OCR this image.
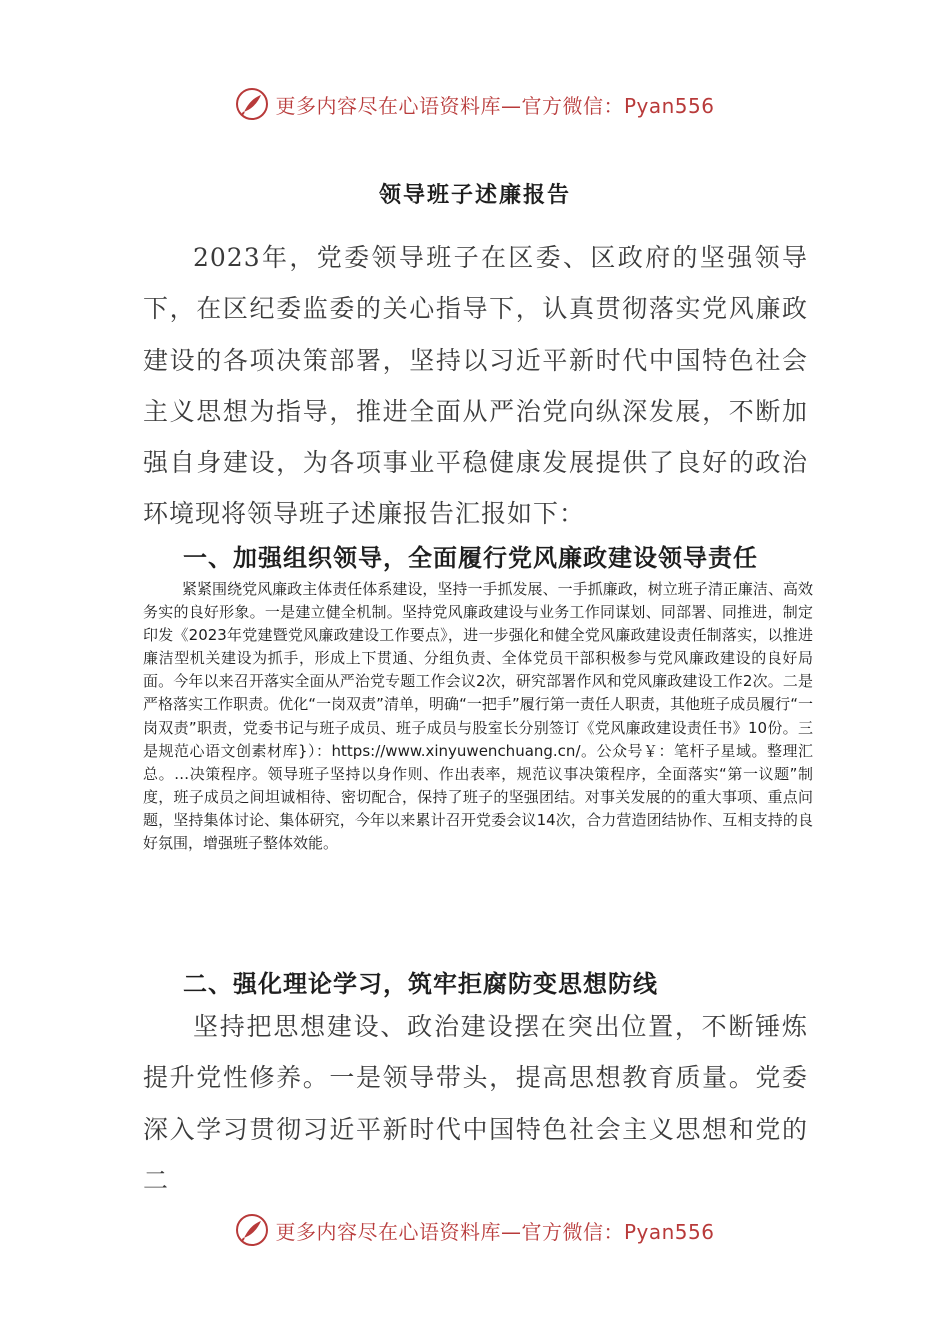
更多内容尽在心语资料库—官方微信：Pyan556
领导班子述廉报告

2023年，党委领导班子在区委、区政府的坚强领导下，在区纪委监委的关心指导下，认真贯彻落实党风廉政建设的各项决策部署，坚持以习近平新时代中国特色社会主义思想为指导，推进全面从严治党向纵深发展，不断加强自身建设，为各项事业平稳健康发展提供了良好的政治环境现将领导班子述廉报告汇报如下：

一、加强组织领导，全面履行党风廉政建设领导责任

紧紧围绕党风廉政主体责任体系建设，坚持一手抓发展、一手抓廉政，树立班子清正廉洁、高效务实的良好形象。一是建立健全机制。坚持党风廉政建设与业务工作同谋划、同部署、同推进，制定印发《2023年党建暨党风廉政建设工作要点》，进一步强化和健全党风廉政建设责任制落实，以推进廉洁型机关建设为抓手，形成上下贯通、分组负责、全体党员干部积极参与党风廉政建设的良好局面。今年以来召开落实全面从严治党专题工作会议2次，研究部署作风和党风廉政建设工作2次。二是严格落实工作职责。优化“一岗双责”清单，明确“一把手”履行第一责任人职责，其他班子成员履行“一岗双责”职责，党委书记与班子成员、班子成员与股室长分别签订《党风廉政建设责任书》10份。三是规范心语文创素材库}）：https://www.xinyuwenchuang.cn/。公众号￥：笔杆子星域。整理汇总。…决策程序。领导班子坚持以身作则、作出表率，规范议事决策程序，全面落实“第一议题”制度，班子成员之间坦诚相待、密切配合，保持了班子的坚强团结。对事关发展的的重大事项、重点问题，坚持集体讨论、集体研究，今年以来累计召开党委会议14次，合力营造团结协作、互相支持的良好氛围，增强班子整体效能。

二、强化理论学习，筑牢拒腐防变思想防线

坚持把思想建设、政治建设摆在突出位置，不断锤炼提升党性修养。一是领导带头，提高思想教育质量。党委深入学习贯彻习近平新时代中国特色社会主义思想和党的二

更多内容尽在心语资料库—官方微信：Pyan556
